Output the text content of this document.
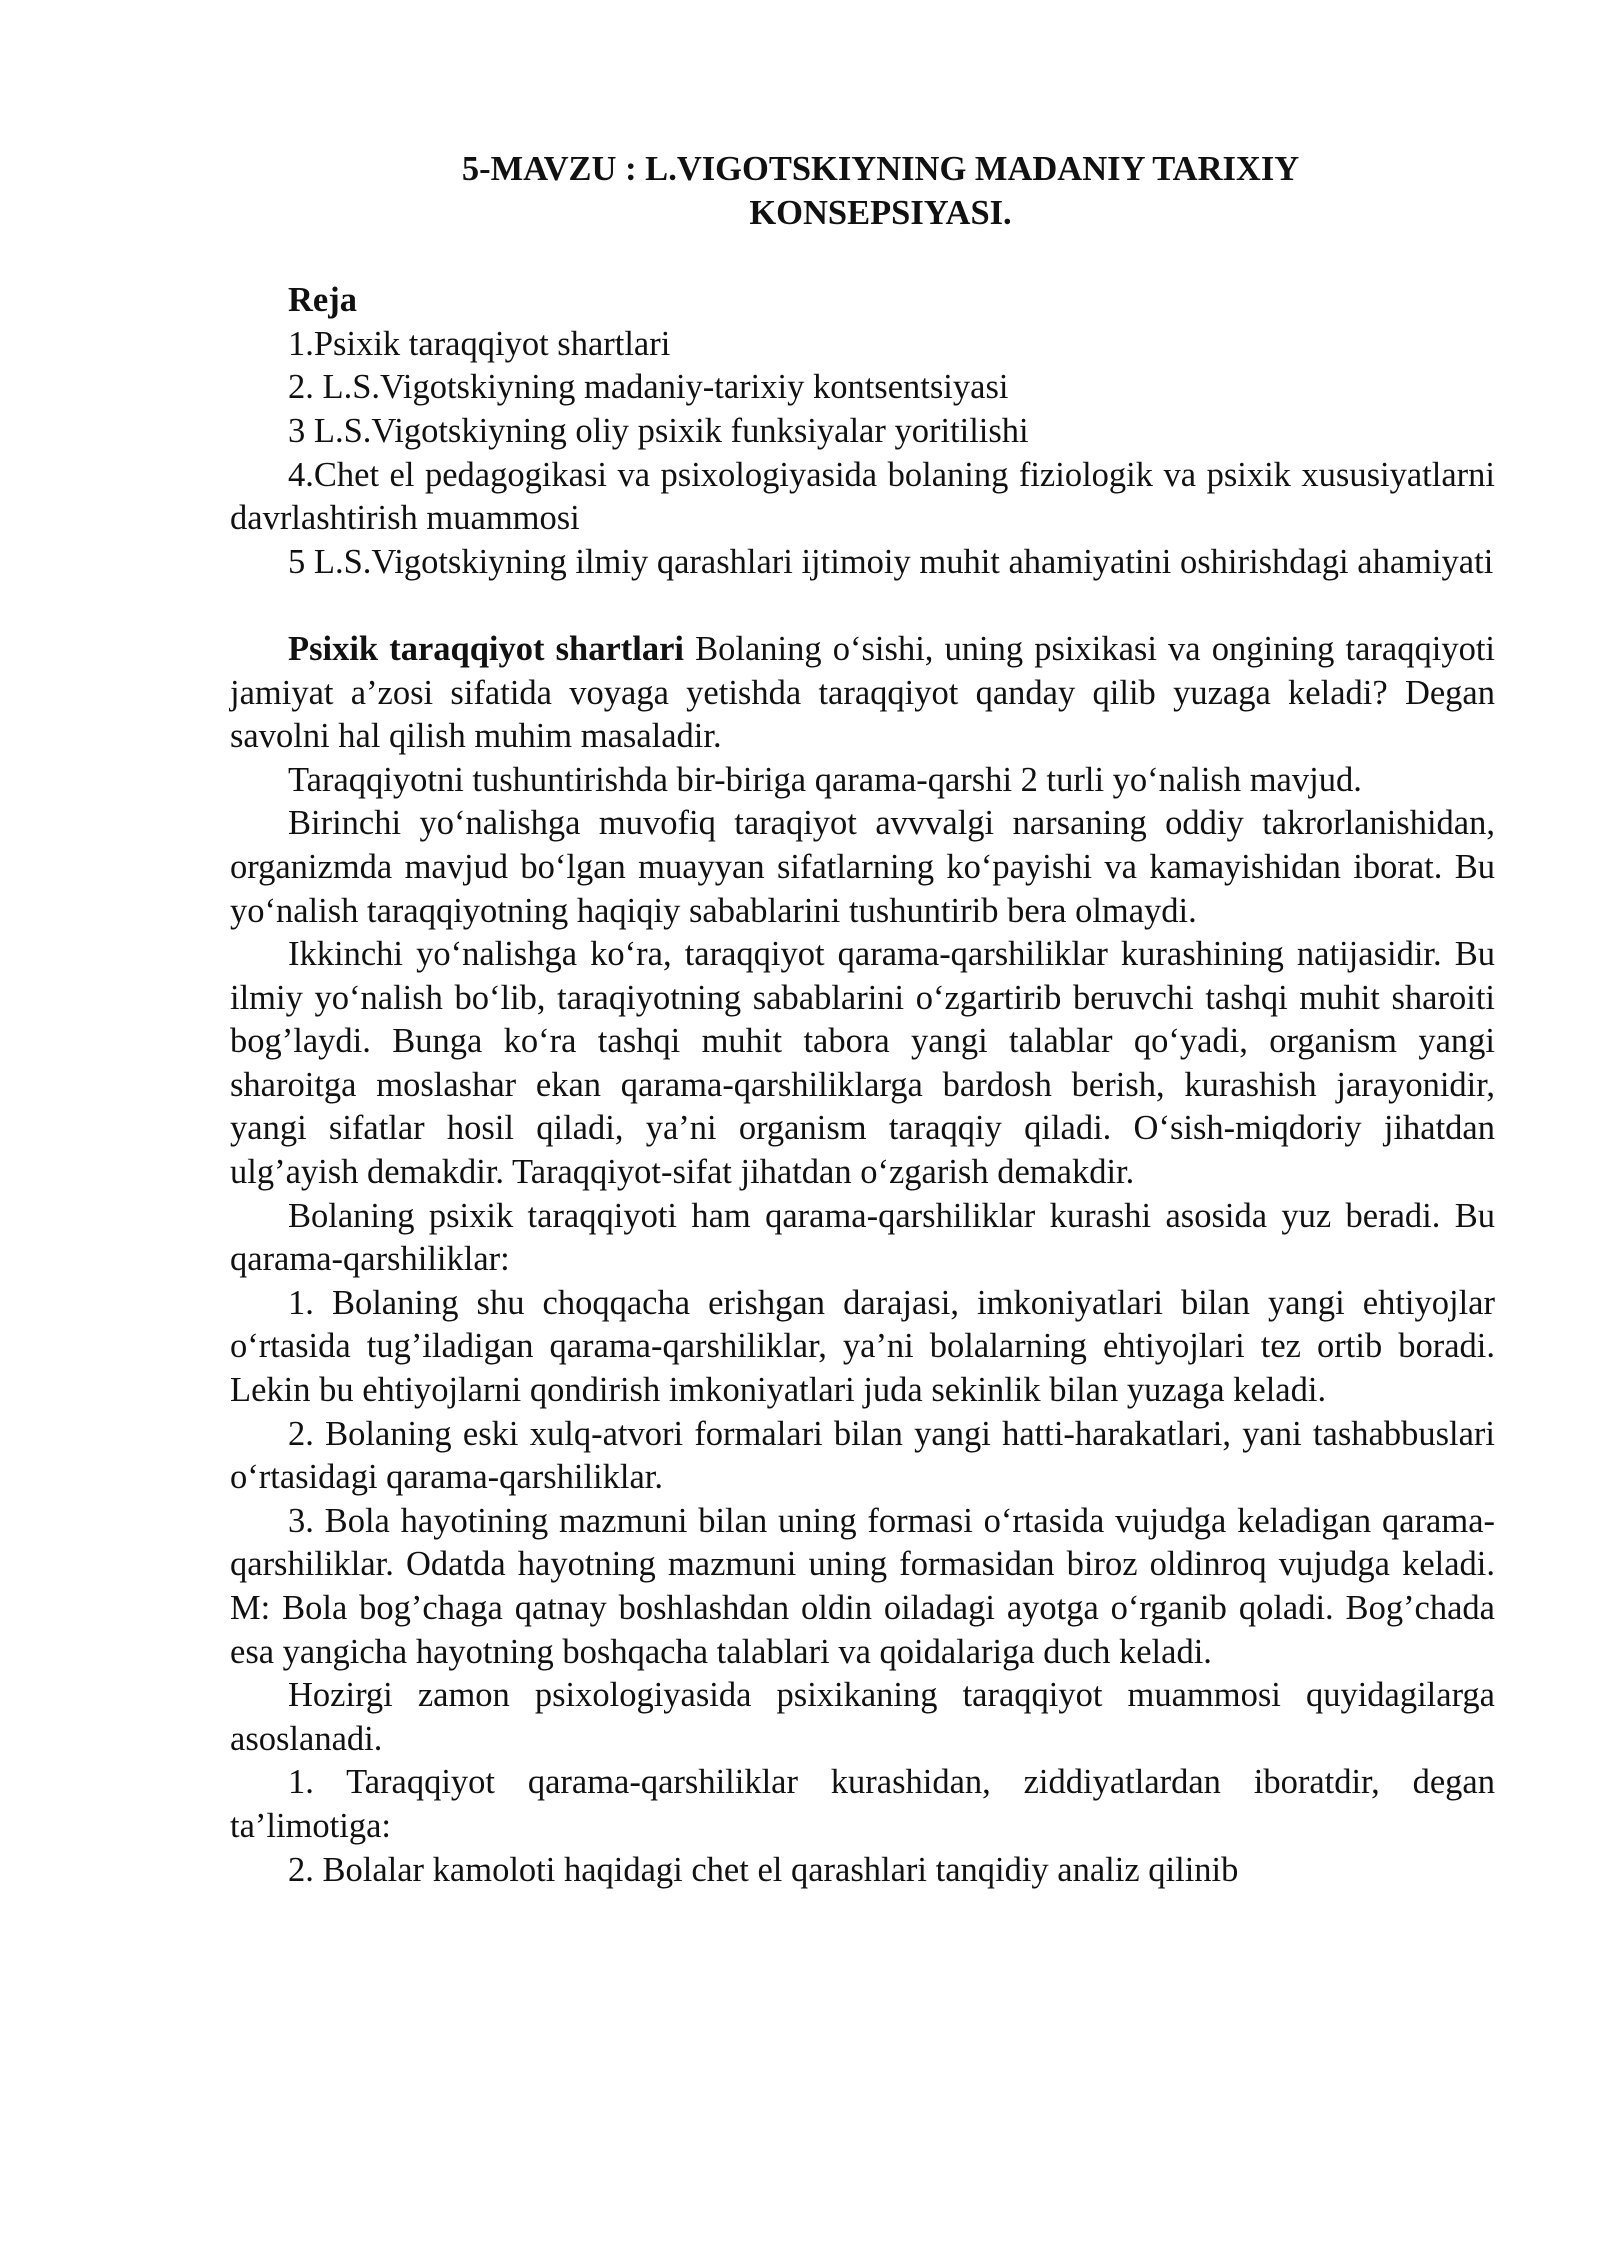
5-MAVZU : L.VIGOTSKIYNING MADANIY TARIXIY
KONSEPSIYASI.

Reja

1.Psixik taraqqiyot shartlari

2. L.S.Vigotskiyning madaniy-tarixiy kontsentsiyasi

3 L.S.Vigotskiyning oliy psixik funksiyalar yoritilishi

4.Chet el pedagogikasi va psixologiyasida bolaning fiziologik va psixik xususiyatlarni davrlashtirish muammosi

5 L.S.Vigotskiyning ilmiy qarashlari ijtimoiy muhit ahamiyatini oshirishdagi ahamiyati

Psixik taraqqiyot shartlari Bolaning o‘sishi, uning psixikasi va ongining taraqqiyoti jamiyat a’zosi sifatida voyaga yetishda taraqqiyot qanday qilib yuzaga keladi? Degan savolni hal qilish muhim masaladir.

Taraqqiyotni tushuntirishda bir-biriga qarama-qarshi 2 turli yo‘nalish mavjud.

Birinchi yo‘nalishga muvofiq taraqiyot avvvalgi narsaning oddiy takrorlanishidan, organizmda mavjud bo‘lgan muayyan sifatlarning ko‘payishi va kamayishidan iborat. Bu yo‘nalish taraqqiyotning haqiqiy sabablarini tushuntirib bera olmaydi.

Ikkinchi yo‘nalishga ko‘ra, taraqqiyot qarama-qarshiliklar kurashining natijasidir. Bu ilmiy yo‘nalish bo‘lib, taraqiyotning sabablarini o‘zgartirib beruvchi tashqi muhit sharoiti bog’laydi. Bunga ko‘ra tashqi muhit tabora yangi talablar qo‘yadi, organism yangi sharoitga moslashar ekan qarama-qarshiliklarga bardosh berish, kurashish jarayonidir, yangi sifatlar hosil qiladi, ya’ni organism taraqqiy qiladi. O‘sish-miqdoriy jihatdan ulg’ayish demakdir. Taraqqiyot-sifat jihatdan o‘zgarish demakdir.

Bolaning psixik taraqqiyoti ham qarama-qarshiliklar kurashi asosida yuz beradi. Bu qarama-qarshiliklar:

1. Bolaning shu choqqacha erishgan darajasi, imkoniyatlari bilan yangi ehtiyojlar o‘rtasida tug’iladigan qarama-qarshiliklar, ya’ni bolalarning ehtiyojlari tez ortib boradi. Lekin bu ehtiyojlarni qondirish imkoniyatlari juda sekinlik bilan yuzaga keladi.

2. Bolaning eski xulq-atvori formalari bilan yangi hatti-harakatlari, yani tashabbuslari o‘rtasidagi qarama-qarshiliklar.

3. Bola hayotining mazmuni bilan uning formasi o‘rtasida vujudga keladigan qarama-qarshiliklar. Odatda hayotning mazmuni uning formasidan biroz oldinroq vujudga keladi. M: Bola bog’chaga qatnay boshlashdan oldin oiladagi ayotga o‘rganib qoladi. Bog’chada esa yangicha hayotning boshqacha talablari va qoidalariga duch keladi.

Hozirgi zamon psixologiyasida psixikaning taraqqiyot muammosi quyidagilarga asoslanadi.

1. Taraqqiyot qarama-qarshiliklar kurashidan, ziddiyatlardan iboratdir, degan ta’limotiga:

2. Bolalar kamoloti haqidagi chet el qarashlari tanqidiy analiz qilinib
